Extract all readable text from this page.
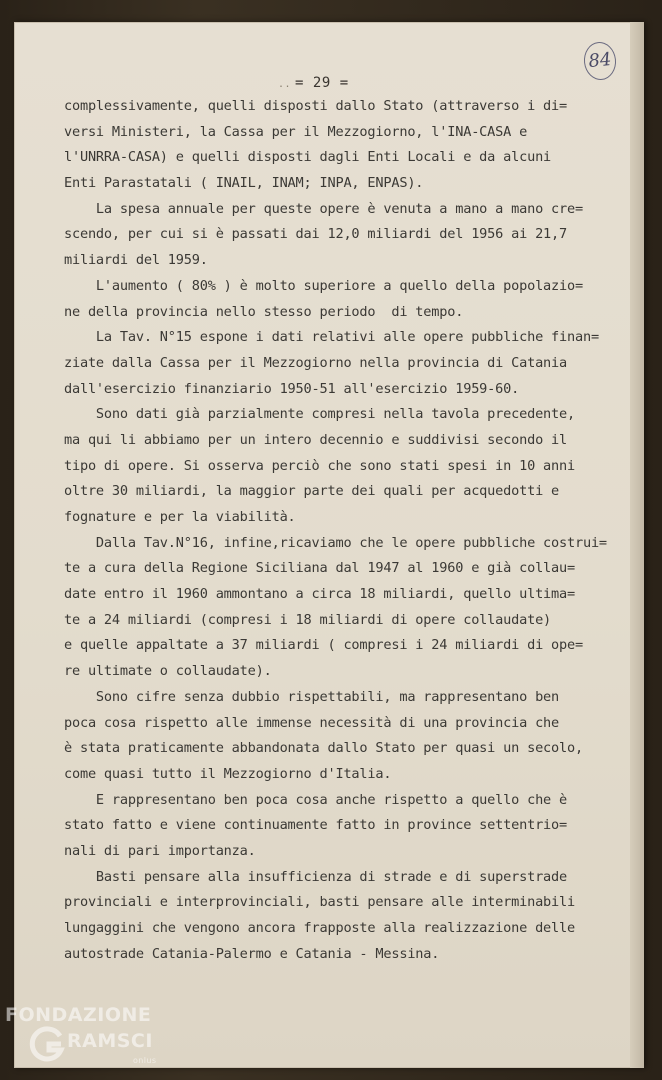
84
.. = 29 =
complessivamente, quelli disposti dallo Stato (attraverso i di=
versi Ministeri, la Cassa per il Mezzogiorno, l'INA-CASA e
l'UNRRA-CASA) e quelli disposti dagli Enti Locali e da alcuni
Enti Parastatali ( INAIL, INAM; INPA, ENPAS).
La spesa annuale per queste opere è venuta a mano a mano cre=
scendo, per cui si è passati dai 12,0 miliardi del 1956 ai 21,7
miliardi del 1959.
L'aumento ( 80% ) è molto superiore a quello della popolazio=
ne della provincia nello stesso periodo  di tempo.
La Tav. N°15 espone i dati relativi alle opere pubbliche finan=
ziate dalla Cassa per il Mezzogiorno nella provincia di Catania
dall'esercizio finanziario 1950-51 all'esercizio 1959-60.
Sono dati già parzialmente compresi nella tavola precedente,
ma qui li abbiamo per un intero decennio e suddivisi secondo il
tipo di opere. Si osserva perciò che sono stati spesi in 10 anni
oltre 30 miliardi, la maggior parte dei quali per acquedotti e
fognature e per la viabilità.
Dalla Tav.N°16, infine,ricaviamo che le opere pubbliche costrui=
te a cura della Regione Siciliana dal 1947 al 1960 e già collau=
date entro il 1960 ammontano a circa 18 miliardi, quello ultima=
te a 24 miliardi (compresi i 18 miliardi di opere collaudate)
e quelle appaltate a 37 miliardi ( compresi i 24 miliardi di ope=
re ultimate o collaudate).
Sono cifre senza dubbio rispettabili, ma rappresentano ben
poca cosa rispetto alle immense necessità di una provincia che
è stata praticamente abbandonata dallo Stato per quasi un secolo,
come quasi tutto il Mezzogiorno d'Italia.
E rappresentano ben poca cosa anche rispetto a quello che è
stato fatto e viene continuamente fatto in province settentrio=
nali di pari importanza.
Basti pensare alla insufficienza di strade e di superstrade
provinciali e interprovinciali, basti pensare alle interminabili
lungaggini che vengono ancora frapposte alla realizzazione delle
autostrade Catania-Palermo e Catania - Messina.
FONDAZIONE
RAMSCI
onlus
